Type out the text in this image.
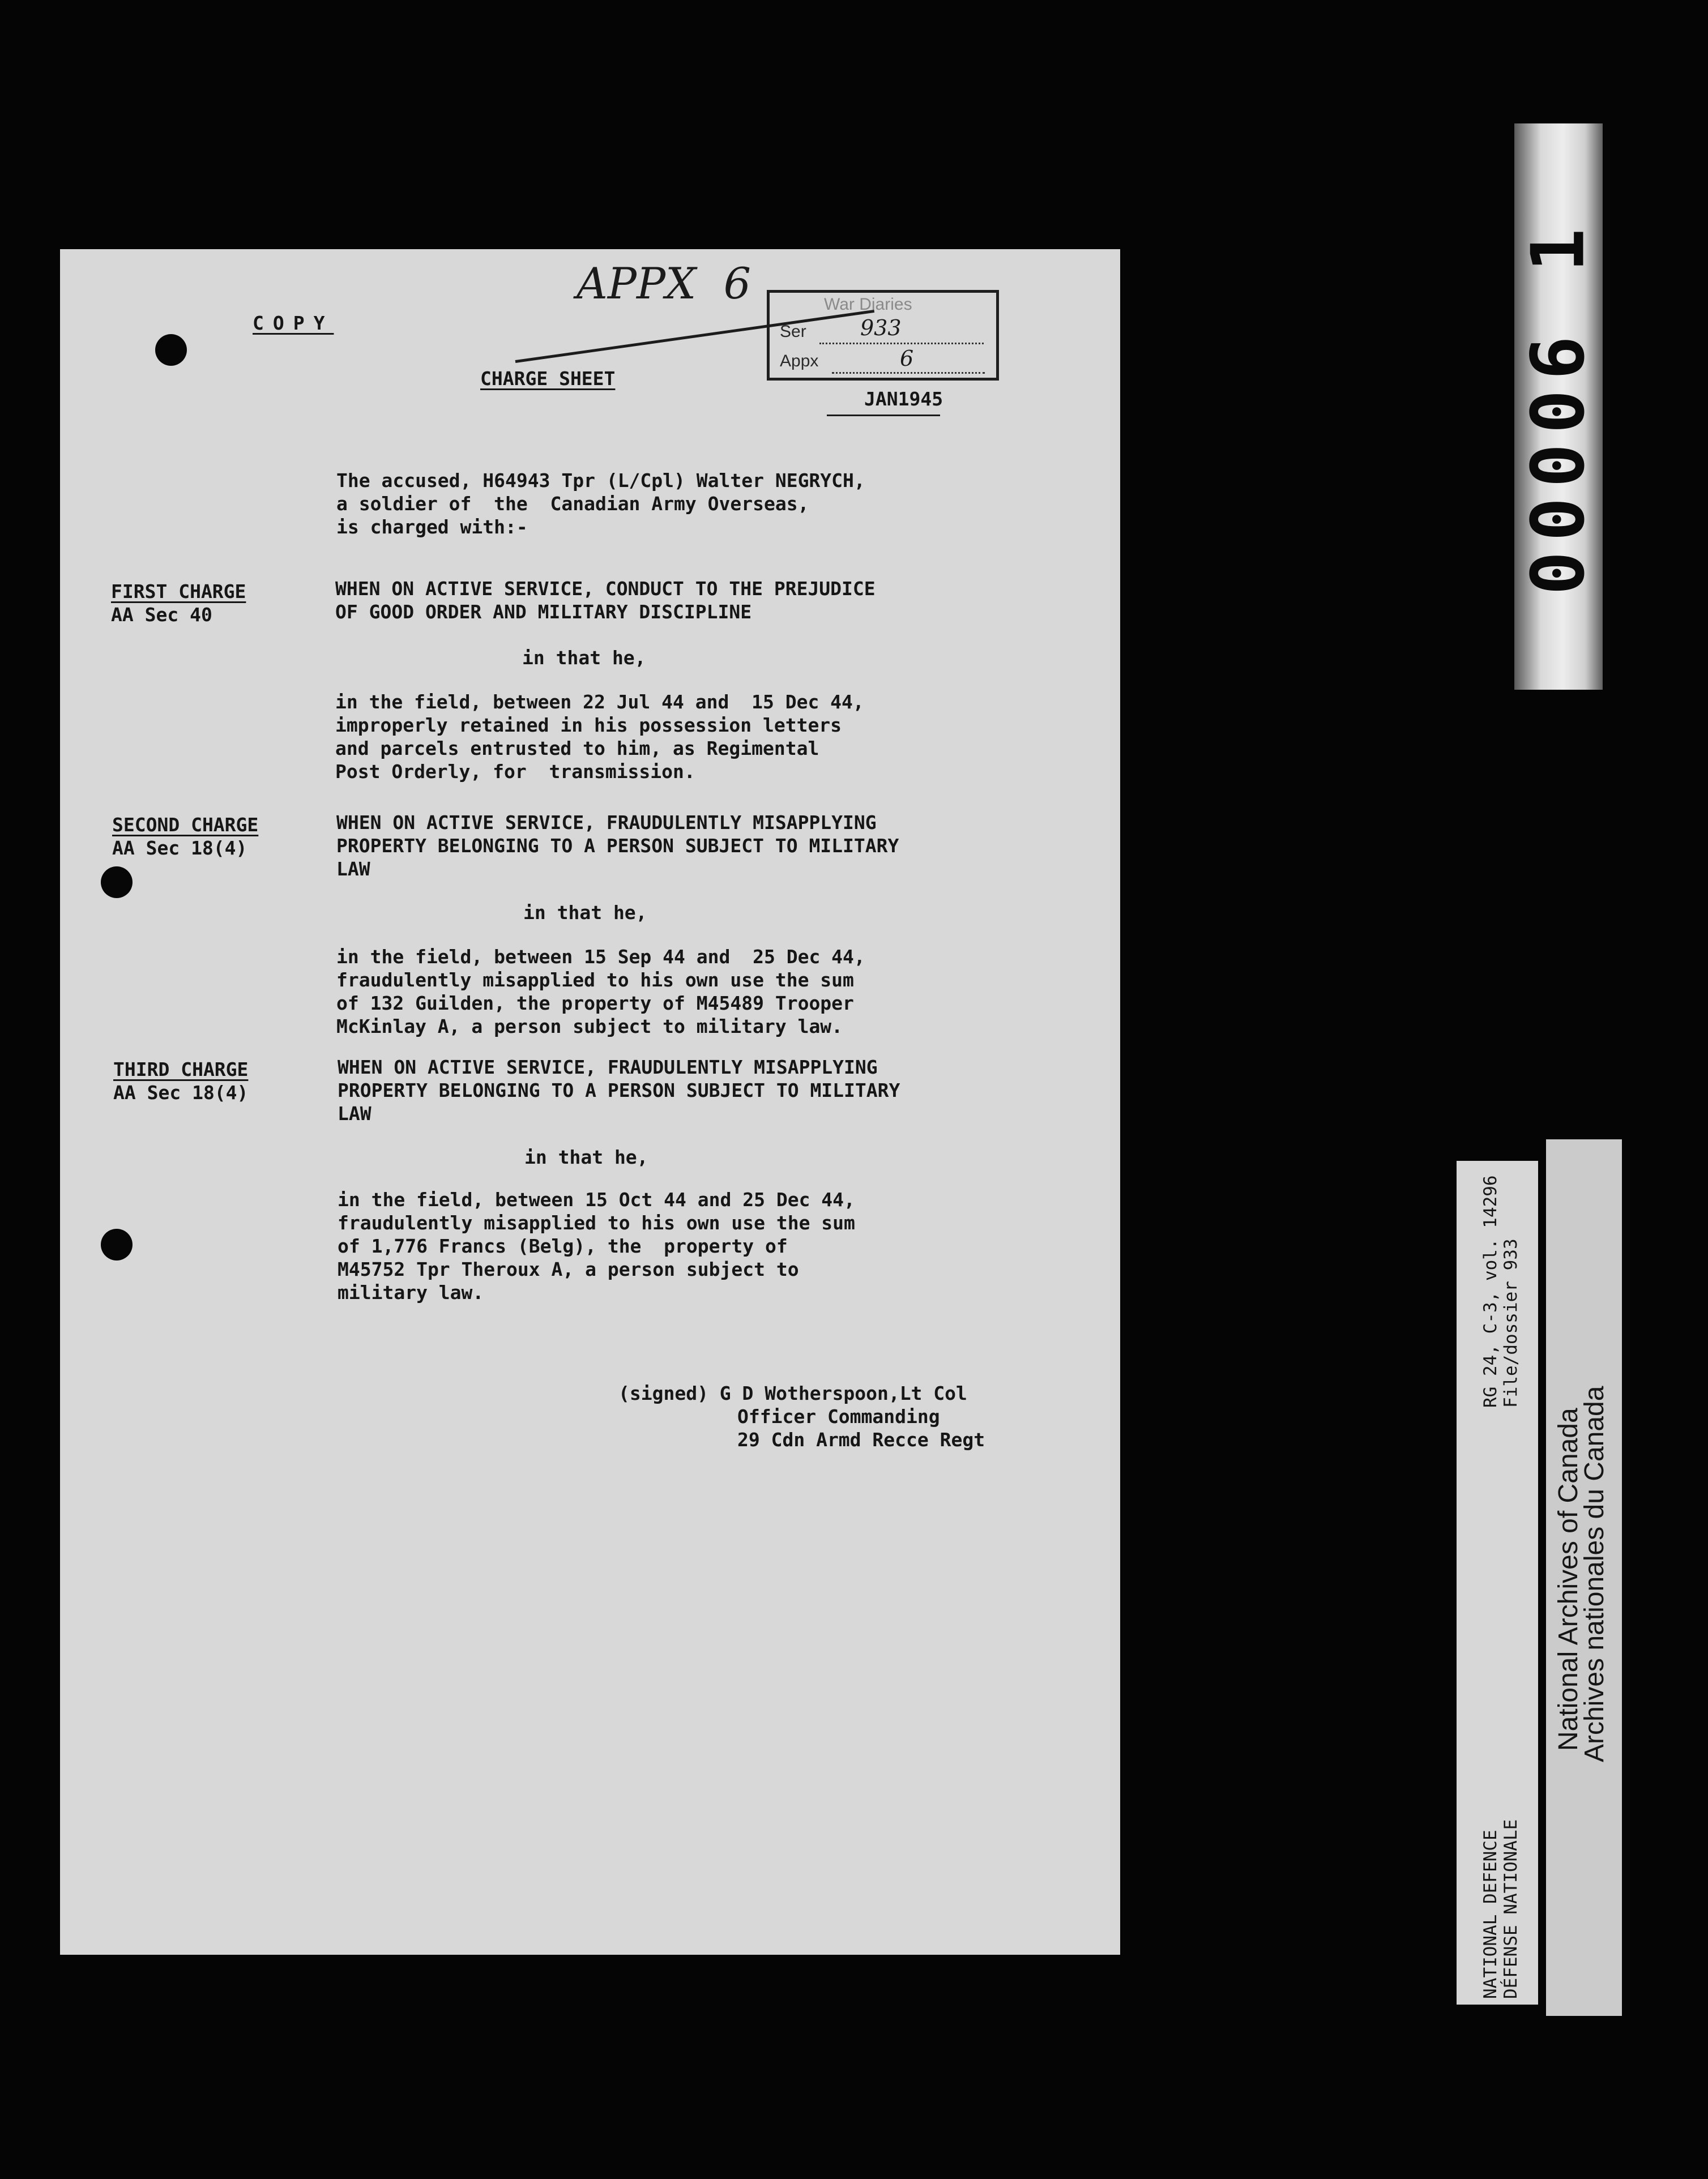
APPX  6	War Diaries
Ser	933
Appx	6
JAN1945
COPY
CHARGE SHEET
The accused, H64943 Tpr (L/Cpl) Walter NEGRYCH,
a soldier of  the  Canadian Army Overseas,
is charged with:-
FIRST CHARGE
AA Sec 40
WHEN ON ACTIVE SERVICE, CONDUCT TO THE PREJUDICE
OF GOOD ORDER AND MILITARY DISCIPLINE
in that he,
in the field, between 22 Jul 44 and  15 Dec 44,
improperly retained in his possession letters
and parcels entrusted to him, as Regimental
Post Orderly, for  transmission.
SECOND CHARGE
AA Sec 18(4)
WHEN ON ACTIVE SERVICE, FRAUDULENTLY MISAPPLYING
PROPERTY BELONGING TO A PERSON SUBJECT TO MILITARY
LAW
in that he,
in the field, between 15 Sep 44 and  25 Dec 44,
fraudulently misapplied to his own use the sum
of 132 Guilden, the property of M45489 Trooper
McKinlay A, a person subject to military law.
THIRD CHARGE
AA Sec 18(4)
WHEN ON ACTIVE SERVICE, FRAUDULENTLY MISAPPLYING
PROPERTY BELONGING TO A PERSON SUBJECT TO MILITARY
LAW
in that he,
in the field, between 15 Oct 44 and 25 Dec 44,
fraudulently misapplied to his own use the sum
of 1,776 Francs (Belg), the  property of
M45752 Tpr Theroux A, a person subject to
military law.
(signed) G D Wotherspoon,Lt Col
Officer Commanding
29 Cdn Armd Recce Regt
00006 1
RG 24, C-3, vol. 14296 File/dossier 933
NATIONAL DEFENCE DÉFENSE NATIONALE
National Archives of Canada
Archives nationales du Canada
